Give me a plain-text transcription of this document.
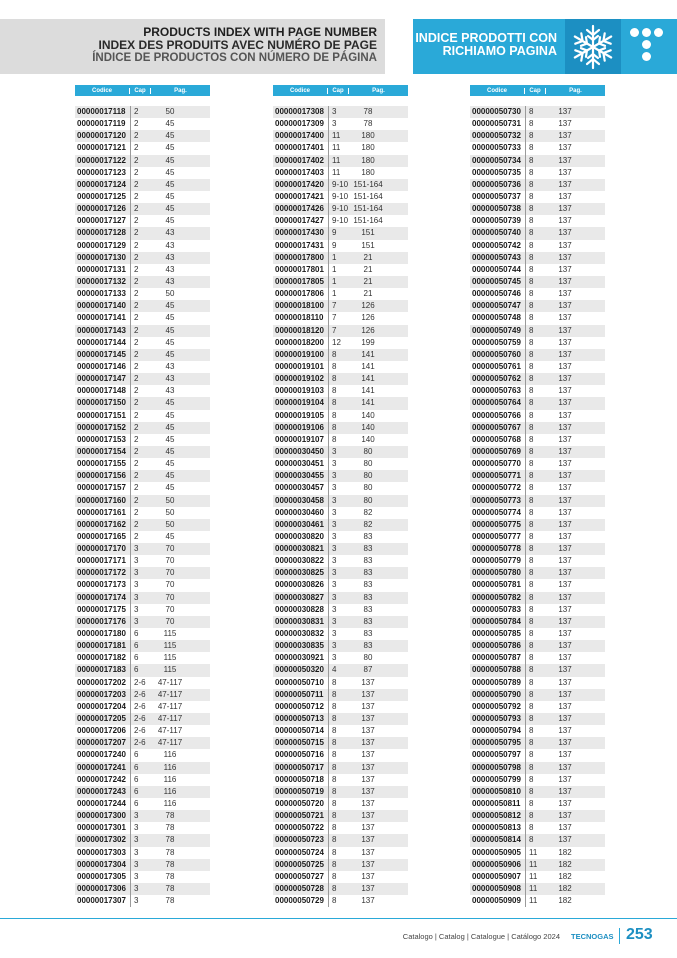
PRODUCTS INDEX WITH PAGE NUMBER
INDEX DES PRODUITS AVEC NUMÉRO DE PAGE
ÍNDICE DE PRODUCTOS CON NÚMERO DE PÁGINA
INDICE PRODOTTI CON
RICHIAMO PAGINA
Codice	Cap	Pag.
00000017118	2	50
00000017119	2	45
00000017120	2	45
00000017121	2	45
00000017122	2	45
00000017123	2	45
00000017124	2	45
00000017125	2	45
00000017126	2	45
00000017127	2	45
00000017128	2	43
00000017129	2	43
00000017130	2	43
00000017131	2	43
00000017132	2	43
00000017133	2	50
00000017140	2	45
00000017141	2	45
00000017143	2	45
00000017144	2	45
00000017145	2	45
00000017146	2	43
00000017147	2	43
00000017148	2	43
00000017150	2	45
00000017151	2	45
00000017152	2	45
00000017153	2	45
00000017154	2	45
00000017155	2	45
00000017156	2	45
00000017157	2	45
00000017160	2	50
00000017161	2	50
00000017162	2	50
00000017165	2	45
00000017170	3	70
00000017171	3	70
00000017172	3	70
00000017173	3	70
00000017174	3	70
00000017175	3	70
00000017176	3	70
00000017180	6	115
00000017181	6	115
00000017182	6	115
00000017183	6	115
00000017202	2-6	47-117
00000017203	2-6	47-117
00000017204	2-6	47-117
00000017205	2-6	47-117
00000017206	2-6	47-117
00000017207	2-6	47-117
00000017240	6	116
00000017241	6	116
00000017242	6	116
00000017243	6	116
00000017244	6	116
00000017300	3	78
00000017301	3	78
00000017302	3	78
00000017303	3	78
00000017304	3	78
00000017305	3	78
00000017306	3	78
00000017307	3	78
Codice	Cap	Pag.
00000017308	3	78
00000017309	3	78
00000017400	11	180
00000017401	11	180
00000017402	11	180
00000017403	11	180
00000017420	9-10 151-164
00000017421	9-10 151-164
00000017426	9-10 151-164
00000017427	9-10 151-164
00000017430	9	151
00000017431	9	151
00000017800	1	21
00000017801	1	21
00000017805	1	21
00000017806	1	21
00000018100	7	126
00000018110	7	126
00000018120	7	126
00000018200	12	199
00000019100	8	141
00000019101	8	141
00000019102	8	141
00000019103	8	141
00000019104	8	141
00000019105	8	140
00000019106	8	140
00000019107	8	140
00000030450	3	80
00000030451	3	80
00000030455	3	80
00000030457	3	80
00000030458	3	80
00000030460	3	82
00000030461	3	82
00000030820	3	83
00000030821	3	83
00000030822	3	83
00000030825	3	83
00000030826	3	83
00000030827	3	83
00000030828	3	83
00000030831	3	83
00000030832	3	83
00000030835	3	83
00000030921	3	80
00000050320	4	87
00000050710	8	137
00000050711	8	137
00000050712	8	137
00000050713	8	137
00000050714	8	137
00000050715	8	137
00000050716	8	137
00000050717	8	137
00000050718	8	137
00000050719	8	137
00000050720	8	137
00000050721	8	137
00000050722	8	137
00000050723	8	137
00000050724	8	137
00000050725	8	137
00000050727	8	137
00000050728	8	137
00000050729	8	137
Codice	Cap	Pag.
00000050730	8	137
00000050731	8	137
00000050732	8	137
00000050733	8	137
00000050734	8	137
00000050735	8	137
00000050736	8	137
00000050737	8	137
00000050738	8	137
00000050739	8	137
00000050740	8	137
00000050742	8	137
00000050743	8	137
00000050744	8	137
00000050745	8	137
00000050746	8	137
00000050747	8	137
00000050748	8	137
00000050749	8	137
00000050759	8	137
00000050760	8	137
00000050761	8	137
00000050762	8	137
00000050763	8	137
00000050764	8	137
00000050766	8	137
00000050767	8	137
00000050768	8	137
00000050769	8	137
00000050770	8	137
00000050771	8	137
00000050772	8	137
00000050773	8	137
00000050774	8	137
00000050775	8	137
00000050777	8	137
00000050778	8	137
00000050779	8	137
00000050780	8	137
00000050781	8	137
00000050782	8	137
00000050783	8	137
00000050784	8	137
00000050785	8	137
00000050786	8	137
00000050787	8	137
00000050788	8	137
00000050789	8	137
00000050790	8	137
00000050792	8	137
00000050793	8	137
00000050794	8	137
00000050795	8	137
00000050797	8	137
00000050798	8	137
00000050799	8	137
00000050810	8	137
00000050811	8	137
00000050812	8	137
00000050813	8	137
00000050814	8	137
00000050905	11	182
00000050906	11	182
00000050907	11	182
00000050908	11	182
00000050909	11	182
Catalogo | Catalog | Catalogue | Catálogo 2024 TECNOGAS 253
